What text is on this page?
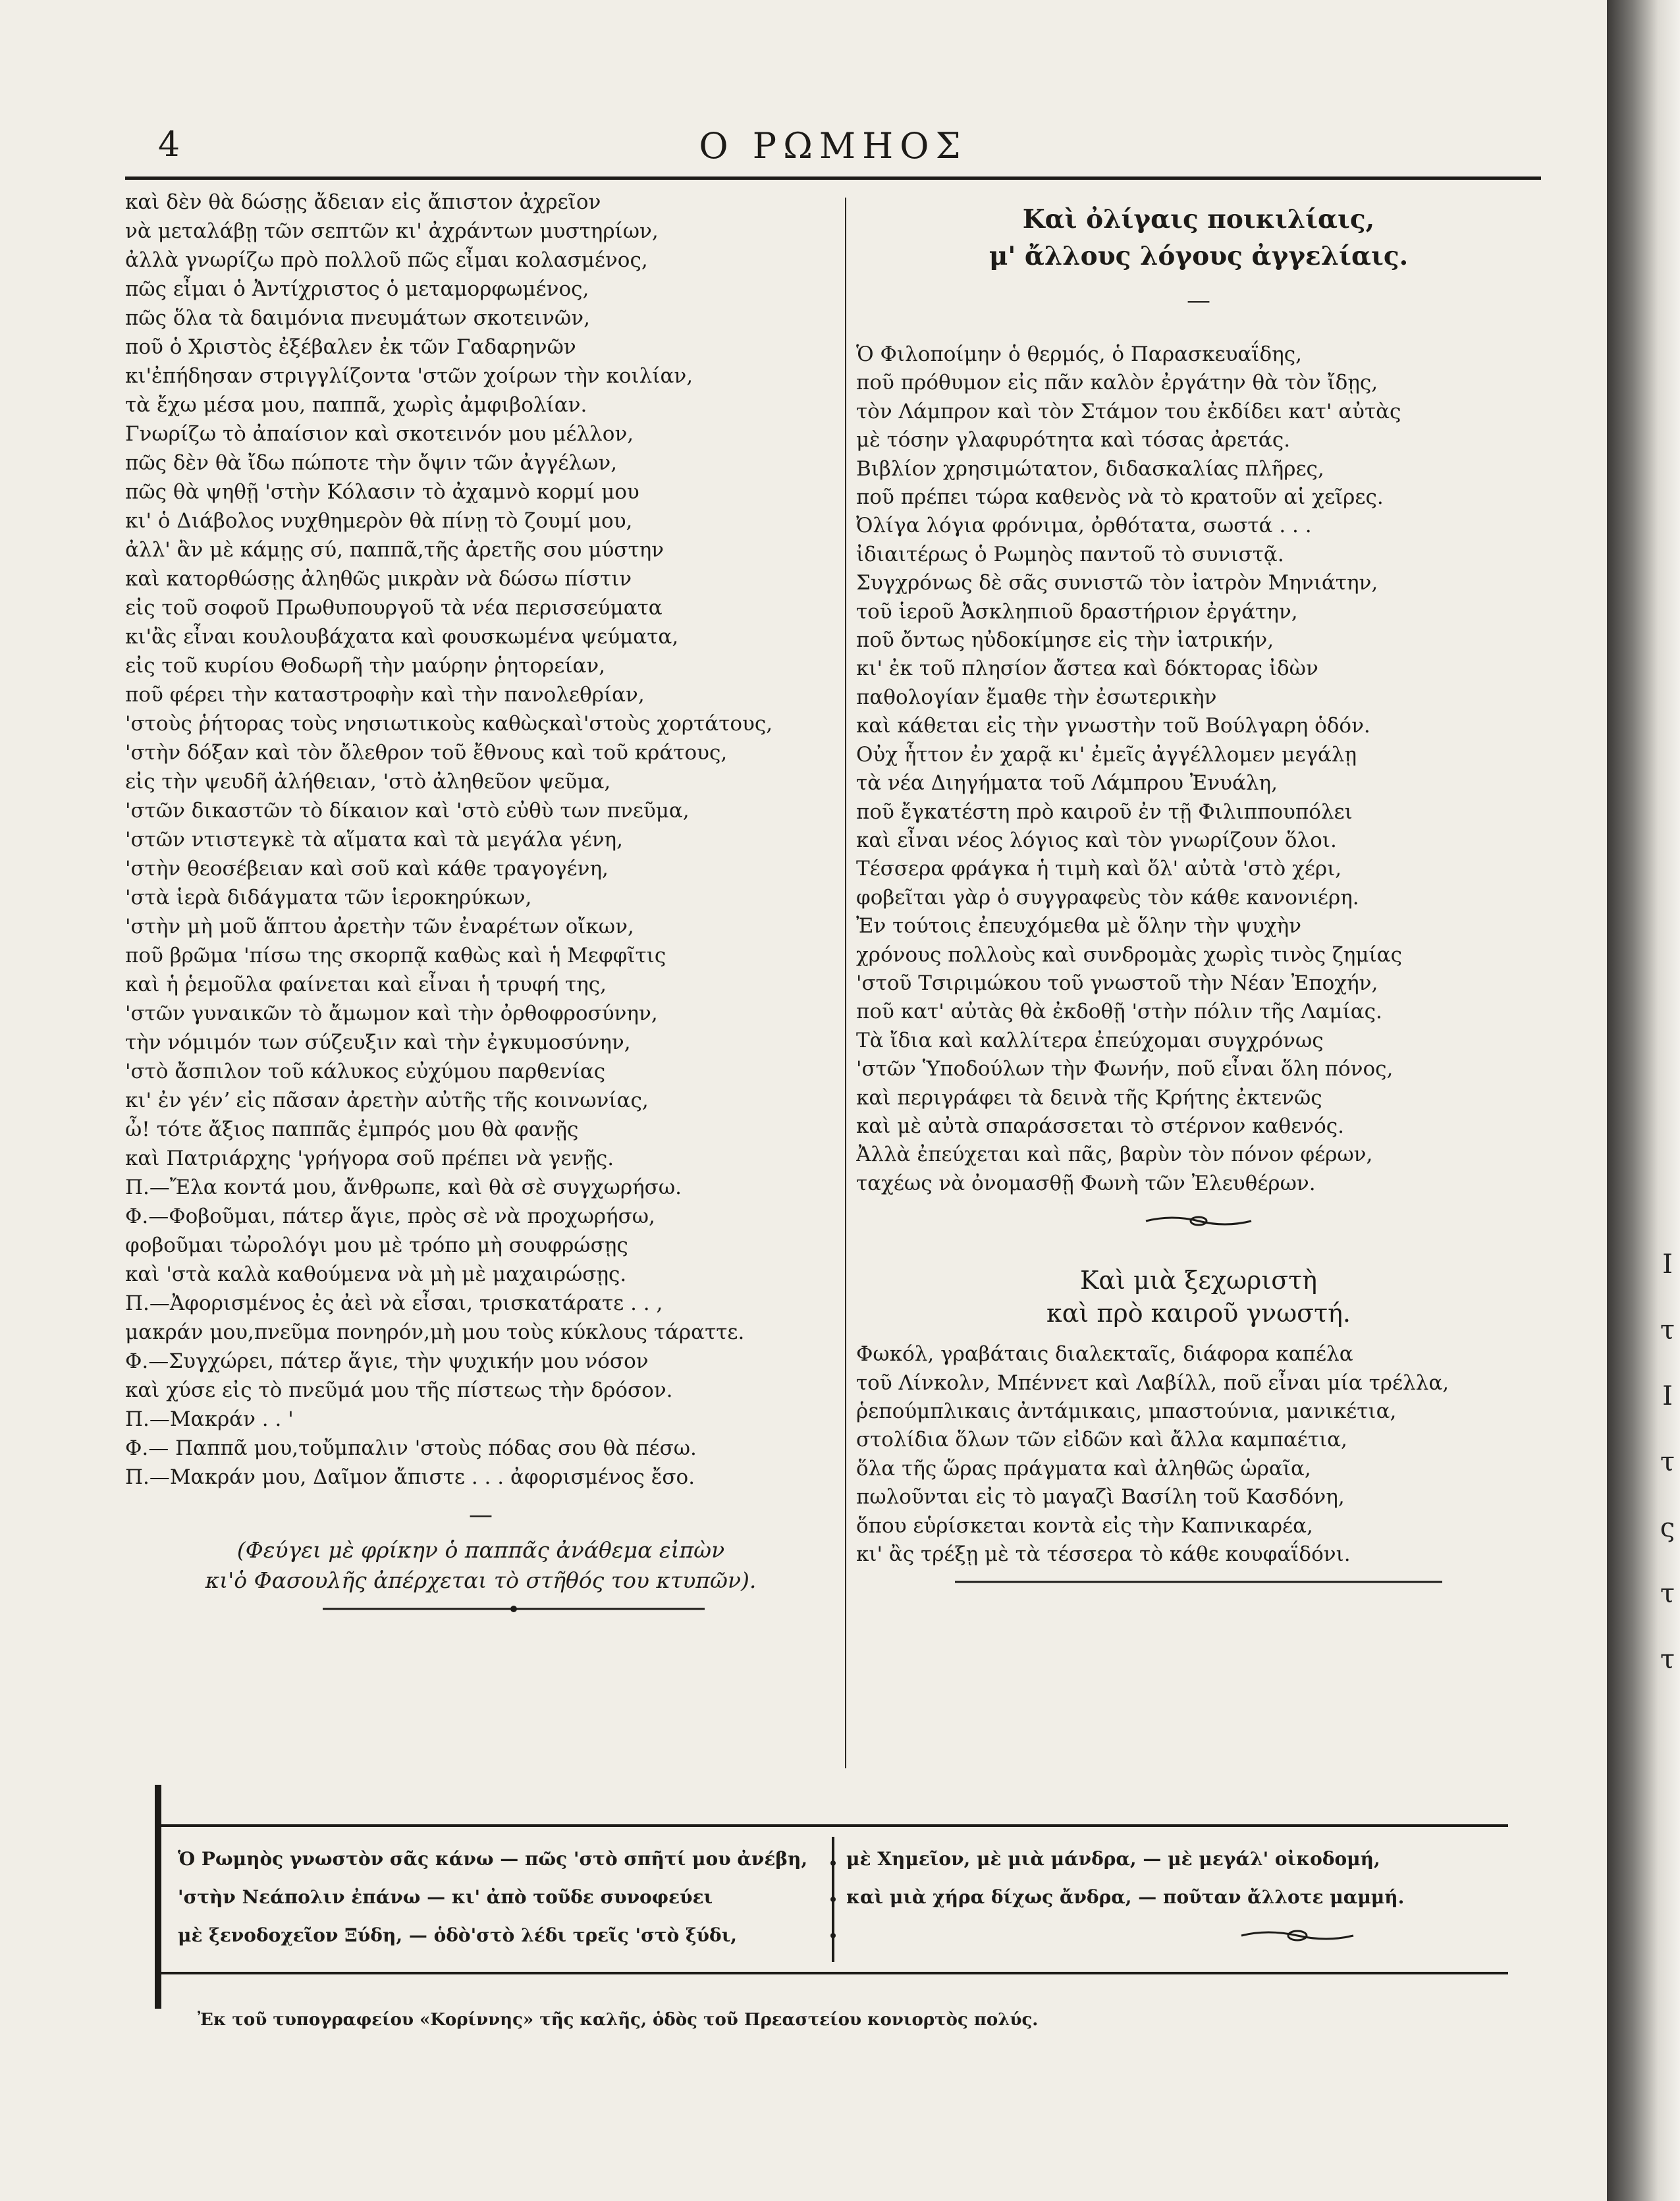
4	Ο ΡΩΜΗΟΣ
καὶ δὲν θὰ δώσῃς ἄδειαν εἰς ἄπιστον ἀχρεῖον
νὰ μεταλάβῃ τῶν σεπτῶν κι' ἀχράντων μυστηρίων,
ἀλλὰ γνωρίζω πρὸ πολλοῦ πῶς εἶμαι κολασμένος,
πῶς εἶμαι ὁ Ἀντίχριστος ὁ μεταμορφωμένος,
πῶς ὅλα τὰ δαιμόνια πνευμάτων σκοτεινῶν,
ποῦ ὁ Χριστὸς ἐξέβαλεν ἐκ τῶν Γαδαρηνῶν
κι'ἐπήδησαν στριγγλίζοντα 'στῶν χοίρων τὴν κοιλίαν,
τὰ ἔχω μέσα μου, παππᾶ, χωρὶς ἀμφιβολίαν.
Γνωρίζω τὸ ἀπαίσιον καὶ σκοτεινόν μου μέλλον,
πῶς δὲν θὰ ἴδω πώποτε τὴν ὄψιν τῶν ἀγγέλων,
πῶς θὰ ψηθῇ 'στὴν Κόλασιν τὸ ἀχαμνὸ κορμί μου
κι' ὁ Διάβολος νυχθημερὸν θὰ πίνῃ τὸ ζουμί μου,
ἀλλ' ἂν μὲ κάμῃς σύ, παππᾶ,τῆς ἀρετῆς σου μύστην
καὶ κατορθώσῃς ἀληθῶς μικρὰν νὰ δώσω πίστιν
εἰς τοῦ σοφοῦ Πρωθυπουργοῦ τὰ νέα περισσεύματα
κι'ἂς εἶναι κουλουβάχατα καὶ φουσκωμένα ψεύματα,
εἰς τοῦ κυρίου Θοδωρῆ τὴν μαύρην ῥητορείαν,
ποῦ φέρει τὴν καταστροφὴν καὶ τὴν πανολεθρίαν,
'στοὺς ῥήτορας τοὺς νησιωτικοὺς καθὼςκαὶ'στοὺς χορτάτους,
'στὴν δόξαν καὶ τὸν ὄλεθρον τοῦ ἔθνους καὶ τοῦ κράτους,
εἰς τὴν ψευδῆ ἀλήθειαν, 'στὸ ἀληθεῦον ψεῦμα,
'στῶν δικαστῶν τὸ δίκαιον καὶ 'στὸ εὐθὺ των πνεῦμα,
'στῶν ντιστεγκὲ τὰ αἵματα καὶ τὰ μεγάλα γένη,
'στὴν θεοσέβειαν καὶ σοῦ καὶ κάθε τραγογένη,
'στὰ ἱερὰ διδάγματα τῶν ἱεροκηρύκων,
'στὴν μὴ μοῦ ἅπτου ἀρετὴν τῶν ἐναρέτων οἴκων,
ποῦ βρῶμα 'πίσω της σκορπᾷ καθὼς καὶ ἡ Μεφφῖτις
καὶ ἡ ῥεμοῦλα φαίνεται καὶ εἶναι ἡ τρυφή της,
'στῶν γυναικῶν τὸ ἄμωμον καὶ τὴν ὀρθοφροσύνην,
τὴν νόμιμόν των σύζευξιν καὶ τὴν ἐγκυμοσύνην,
'στὸ ἄσπιλον τοῦ κάλυκος εὐχύμου παρθενίας
κι' ἐν γένʼ εἰς πᾶσαν ἀρετὴν αὐτῆς τῆς κοινωνίας,
ὦ! τότε ἄξιος παππᾶς ἐμπρός μου θὰ φανῇς
καὶ Πατριάρχης 'γρήγορα σοῦ πρέπει νὰ γενῇς.
Π.—Ἔλα κοντά μου, ἄνθρωπε, καὶ θὰ σὲ συγχωρήσω.
Φ.—Φοβοῦμαι, πάτερ ἅγιε, πρὸς σὲ νὰ προχωρήσω,
φοβοῦμαι τὠρολόγι μου μὲ τρόπο μὴ σουφρώσῃς
καὶ 'στὰ καλὰ καθούμενα νὰ μὴ μὲ μαχαιρώσῃς.
Π.—Ἀφορισμένος ἐς ἀεὶ νὰ εἶσαι, τρισκατάρατε . . ,
μακράν μου,πνεῦμα πονηρόν,μὴ μου τοὺς κύκλους τάραττε.
Φ.—Συγχώρει, πάτερ ἅγιε, τὴν ψυχικήν μου νόσον
καὶ χύσε εἰς τὸ πνεῦμά μου τῆς πίστεως τὴν δρόσον.
Π.—Μακράν . . '
Φ.— Παππᾶ μου,τοὔμπαλιν 'στοὺς πόδας σου θὰ πέσω.
Π.—Μακράν μου, Δαῖμον ἄπιστε . . . ἀφορισμένος ἔσο.
—
(Φεύγει μὲ φρίκην ὁ παππᾶς ἀνάθεμα εἰπὼν
κι'ὁ Φασουλῆς ἀπέρχεται τὸ στῆθός του κτυπῶν).
Καὶ ὀλίγαις ποικιλίαις,
μ' ἄλλους λόγους ἀγγελίαις.
—
Ὁ Φιλοποίμην ὁ θερμός, ὁ Παρασκευαΐδης,
ποῦ πρόθυμον εἰς πᾶν καλὸν ἐργάτην θὰ τὸν ἴδῃς,
τὸν Λάμπρον καὶ τὸν Στάμον του ἐκδίδει κατ' αὐτὰς
μὲ τόσην γλαφυρότητα καὶ τόσας ἀρετάς.
Βιβλίον χρησιμώτατον, διδασκαλίας πλῆρες,
ποῦ πρέπει τώρα καθενὸς νὰ τὸ κρατοῦν αἱ χεῖρες.
Ὀλίγα λόγια φρόνιμα, ὀρθότατα, σωστά . . .
ἰδιαιτέρως ὁ Ρωμηὸς παντοῦ τὸ συνιστᾷ.
Συγχρόνως δὲ σᾶς συνιστῶ τὸν ἰατρὸν Μηνιάτην,
τοῦ ἱεροῦ Ἀσκληπιοῦ δραστήριον ἐργάτην,
ποῦ ὄντως ηὐδοκίμησε εἰς τὴν ἰατρικήν,
κι' ἐκ τοῦ πλησίον ἄστεα καὶ δόκτορας ἰδὼν
παθολογίαν ἔμαθε τὴν ἐσωτερικὴν
καὶ κάθεται εἰς τὴν γνωστὴν τοῦ Βούλγαρη ὁδόν.
Οὐχ ἧττον ἐν χαρᾷ κι' ἐμεῖς ἀγγέλλομεν μεγάλῃ
τὰ νέα Διηγήματα τοῦ Λάμπρου Ἐνυάλη,
ποῦ ἔγκατέστη πρὸ καιροῦ ἐν τῇ Φιλιππουπόλει
καὶ εἶναι νέος λόγιος καὶ τὸν γνωρίζουν ὅλοι.
Τέσσερα φράγκα ἡ τιμὴ καὶ ὅλ' αὐτὰ 'στὸ χέρι,
φοβεῖται γὰρ ὁ συγγραφεὺς τὸν κάθε κανονιέρη.
Ἐν τούτοις ἐπευχόμεθα μὲ ὅλην τὴν ψυχὴν
χρόνους πολλοὺς καὶ συνδρομὰς χωρὶς τινὸς ζημίας
'στοῦ Τσιριμώκου τοῦ γνωστοῦ τὴν Νέαν Ἐποχήν,
ποῦ κατ' αὐτὰς θὰ ἐκδοθῇ 'στὴν πόλιν τῆς Λαμίας.
Τὰ ἴδια καὶ καλλίτερα ἐπεύχομαι συγχρόνως
'στῶν Ὑποδούλων τὴν Φωνήν, ποῦ εἶναι ὅλη πόνος,
καὶ περιγράφει τὰ δεινὰ τῆς Κρήτης ἐκτενῶς
καὶ μὲ αὐτὰ σπαράσσεται τὸ στέρνον καθενός.
Ἀλλὰ ἐπεύχεται καὶ πᾶς, βαρὺν τὸν πόνον φέρων,
ταχέως νὰ ὀνομασθῇ Φωνὴ τῶν Ἐλευθέρων.
Καὶ μιὰ ξεχωριστὴ
καὶ πρὸ καιροῦ γνωστή.
Φωκόλ, γραβάταις διαλεκταῖς, διάφορα καπέλα
τοῦ Λίνκολν, Μπέννετ καὶ Λαβίλλ, ποῦ εἶναι μία τρέλλα,
ῥεπούμπλικαις ἀντάμικαις, μπαστούνια, μανικέτια,
στολίδια ὅλων τῶν εἰδῶν καὶ ἄλλα καμπαέτια,
ὅλα τῆς ὥρας πράγματα καὶ ἀληθῶς ὡραῖα,
πωλοῦνται εἰς τὸ μαγαζὶ Βασίλη τοῦ Κασδόνη,
ὅπου εὑρίσκεται κοντὰ εἰς τὴν Καπνικαρέα,
κι' ἂς τρέξῃ μὲ τὰ τέσσερα τὸ κάθε κουφαΐδόνι.
Ὁ Ρωμηὸς γνωστὸν σᾶς κάνω — πῶς 'στὸ σπῆτί μου ἀνέβη,
'στὴν Νεάπολιν ἐπάνω — κι' ἀπὸ τοῦδε συνοφεύει
μὲ ξενοδοχεῖον Ξύδη, — ὁδὸ'στὸ λέδι τρεῖς 'στὸ ξύδι,
μὲ Χημεῖον, μὲ μιὰ μάνδρα, — μὲ μεγάλ' οἰκοδομή,
καὶ μιὰ χήρα δίχως ἄνδρα, — ποῦταν ἄλλοτε μαμμή.
Ἐκ τοῦ τυπογραφείου «Κορίννης» τῆς καλῆς, ὁδὸς τοῦ Πρεαστείου κονιορτὸς πολύς.
I
τ
Ι
τ
ς
τ
τ
